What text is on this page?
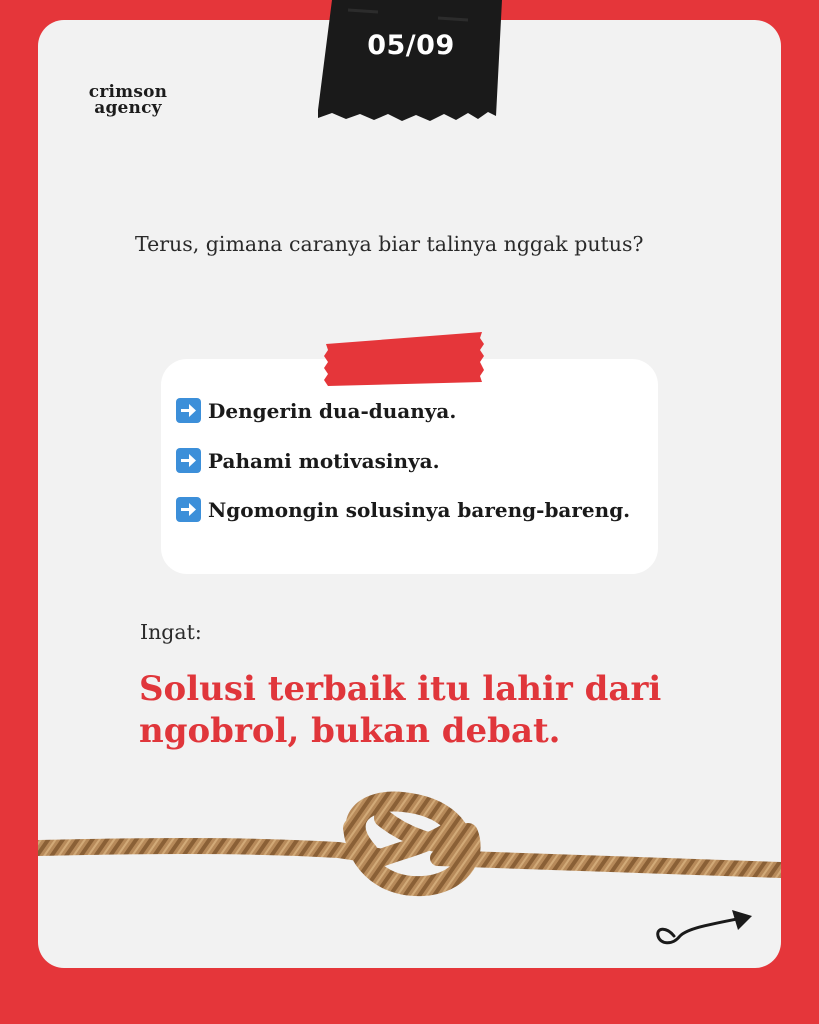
05/09
crimson
agency
Terus, gimana caranya biar talinya nggak putus?
Dengerin dua-duanya.
Pahami motivasinya.
Ngomongin solusinya bareng-bareng.
Ingat:
Solusi terbaik itu lahir dari
ngobrol, bukan debat.
